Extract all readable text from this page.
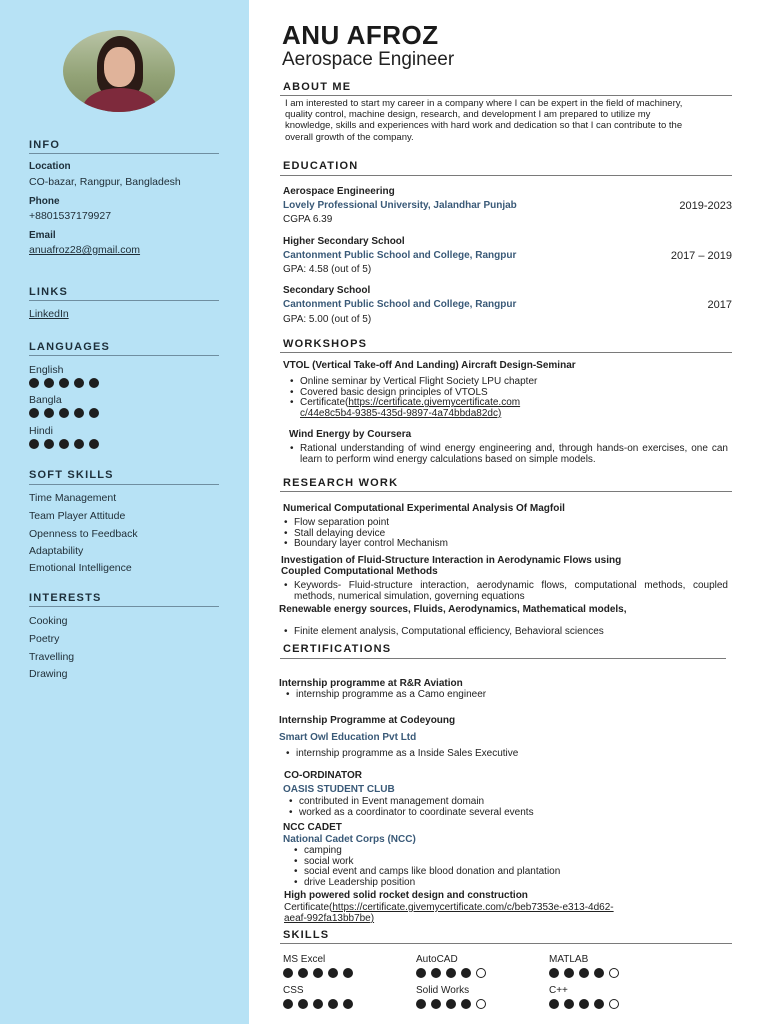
INFO
Location
CO-bazar, Rangpur, Bangladesh
Phone
+8801537179927
Email
anuafroz28@gmail.com
LINKS
LinkedIn
LANGUAGES
English
Bangla
Hindi
SOFT SKILLS
Time Management
Team Player Attitude
Openness to Feedback
Adaptability
Emotional Intelligence
INTERESTS
Cooking
Poetry
Travelling
Drawing
ANU AFROZ
Aerospace Engineer
ABOUT ME
I am interested to start my career in a company where I can be expert in the field of machinery, quality control, machine design, research, and development I am prepared to utilize my knowledge, skills and experiences with hard work and dedication so that I can contribute to the overall growth of the company.
EDUCATION
Aerospace Engineering
Lovely Professional University, Jalandhar Punjab	2019-2023
CGPA 6.39
Higher Secondary School
Cantonment Public School and College, Rangpur	2017 – 2019
GPA: 4.58 (out of 5)
Secondary School
Cantonment Public School and College, Rangpur	2017
GPA: 5.00 (out of 5)
WORKSHOPS
VTOL (Vertical Take-off And Landing) Aircraft Design-Seminar
• Online seminar by Vertical Flight Society LPU chapter
• Covered basic design principles of VTOLS
• Certificate(https://certificate.givemycertificate.com
c/44e8c5b4-9385-435d-9897-4a74bbda82dc)
Wind Energy by Coursera
• Rational understanding of wind energy engineering and, through hands-on exercises, one can learn to perform wind energy calculations based on simple models.
RESEARCH WORK
Numerical Computational Experimental Analysis Of Magfoil
• Flow separation point
• Stall delaying device
• Boundary layer control Mechanism
Investigation of Fluid-Structure Interaction in Aerodynamic Flows using
Coupled Computational Methods
• Keywords- Fluid-structure interaction, aerodynamic flows, computational methods, coupled methods, numerical simulation, governing equations
Renewable energy sources, Fluids, Aerodynamics, Mathematical models,
• Finite element analysis, Computational efficiency, Behavioral sciences
CERTIFICATIONS
Internship programme at R&R Aviation
• internship programme as a Camo engineer
Internship Programme at Codeyoung
Smart Owl Education Pvt Ltd
• internship programme as a Inside Sales Executive
CO-ORDINATOR
OASIS STUDENT CLUB
• contributed in Event management domain
• worked as a coordinator to coordinate several events
NCC CADET
National Cadet Corps (NCC)
• camping
• social work
• social event and camps like blood donation and plantation
• drive Leadership position
High powered solid rocket design and construction
Certificate(https://certificate.givemycertificate.com/c/beb7353e-e313-4d62-
aeaf-992fa13bb7be)
SKILLS
MS Excel	AutoCAD	MATLAB
CSS	Solid Works	C++
